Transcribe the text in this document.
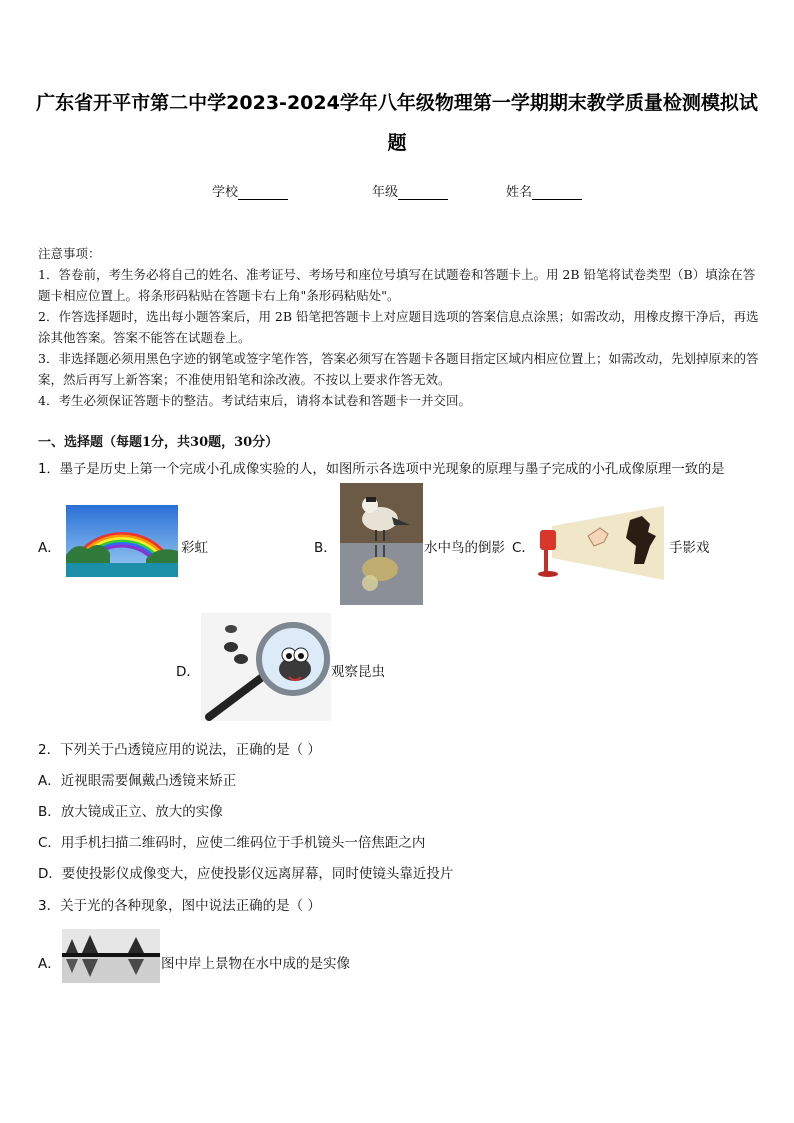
广东省开平市第二中学2023-2024学年八年级物理第一学期期末教学质量检测模拟试
题
学校	年级	姓名
注意事项：
1．答卷前，考生务必将自己的姓名、准考证号、考场号和座位号填写在试题卷和答题卡上。用 2B 铅笔将试卷类型（B）填涂在答题卡相应位置上。将条形码粘贴在答题卡右上角"条形码粘贴处"。
2．作答选择题时，选出每小题答案后，用 2B 铅笔把答题卡上对应题目选项的答案信息点涂黑；如需改动，用橡皮擦干净后，再选涂其他答案。答案不能答在试题卷上。
3．非选择题必须用黑色字迹的钢笔或签字笔作答，答案必须写在答题卡各题目指定区域内相应位置上；如需改动，先划掉原来的答案，然后再写上新答案；不准使用铅笔和涂改液。不按以上要求作答无效。
4．考生必须保证答题卡的整洁。考试结束后，请将本试卷和答题卡一并交回。
一、选择题（每题1分，共30题，30分）
1．墨子是历史上第一个完成小孔成像实验的人，如图所示各选项中光现象的原理与墨子完成的小孔成像原理一致的是
A．	彩虹	B．	水中鸟的倒影 C．	手影戏
D．	观察昆虫
2．下列关于凸透镜应用的说法，正确的是（ ）
A．近视眼需要佩戴凸透镜来矫正
B．放大镜成正立、放大的实像
C．用手机扫描二维码时，应使二维码位于手机镜头一倍焦距之内
D．要使投影仪成像变大，应使投影仪远离屏幕，同时使镜头靠近投片
3．关于光的各种现象，图中说法正确的是（ ）
A．	图中岸上景物在水中成的是实像
